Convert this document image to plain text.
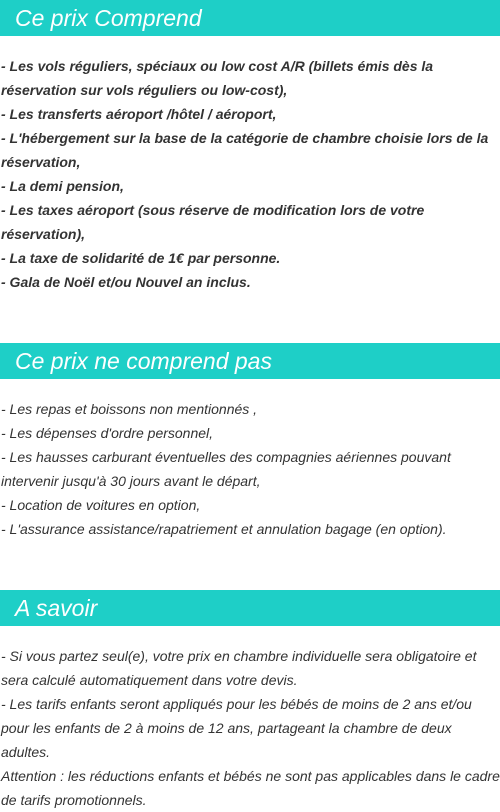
Ce prix Comprend
- Les vols réguliers, spéciaux ou low cost A/R (billets émis dès la réservation sur vols réguliers ou low-cost),
- Les transferts aéroport /hôtel / aéroport,
- L'hébergement sur la base de la catégorie de chambre choisie lors de la réservation,
- La demi pension,
- Les taxes aéroport (sous réserve de modification lors de votre réservation),
- La taxe de solidarité de 1€ par personne.
- Gala de Noël et/ou Nouvel an inclus.
Ce prix ne comprend pas
- Les repas et boissons non mentionnés ,
- Les dépenses d'ordre personnel,
- Les hausses carburant éventuelles des compagnies aériennes pouvant intervenir jusqu'à 30 jours avant le départ,
- Location de voitures en option,
- L'assurance assistance/rapatriement et annulation bagage (en option).
A savoir
- Si vous partez seul(e), votre prix en chambre individuelle sera obligatoire et sera calculé automatiquement dans votre devis.
- Les tarifs enfants seront appliqués pour les bébés de moins de 2 ans et/ou pour les enfants de 2 à moins de 12 ans, partageant la chambre de deux adultes.
Attention : les réductions enfants et bébés ne sont pas applicables dans le cadre de tarifs promotionnels.
